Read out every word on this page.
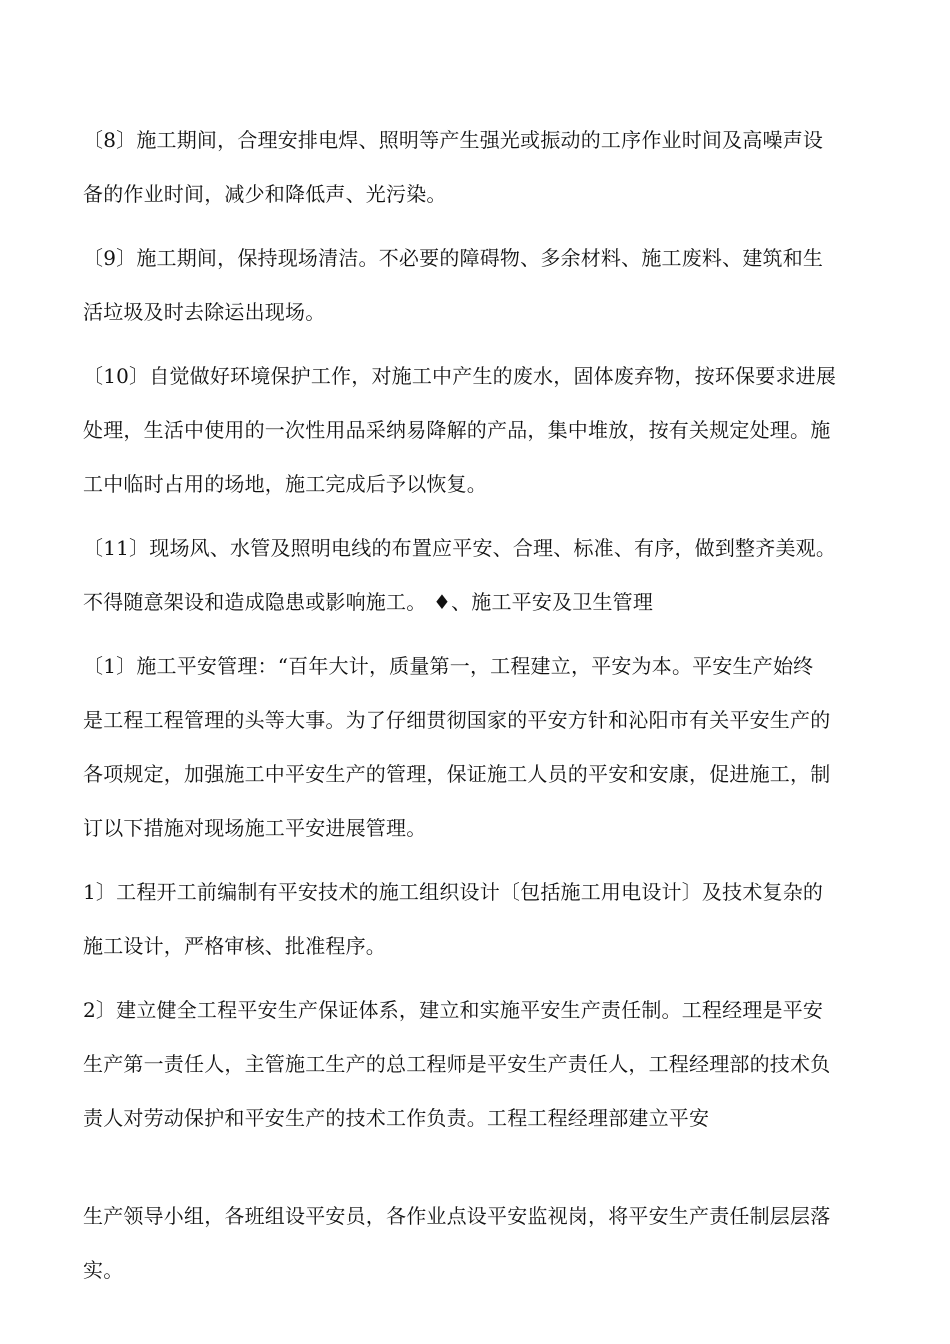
〔8〕施工期间，合理安排电焊、照明等产生强光或振动的工序作业时间及高噪声设
备的作业时间，减少和降低声、光污染。
〔9〕施工期间，保持现场清洁。不必要的障碍物、多余材料、施工废料、建筑和生
活垃圾及时去除运出现场。
〔10〕自觉做好环境保护工作，对施工中产生的废水，固体废弃物，按环保要求进展
处理，生活中使用的一次性用品采纳易降解的产品，集中堆放，按有关规定处理。施
工中临时占用的场地，施工完成后予以恢复。
〔11〕现场风、水管及照明电线的布置应平安、合理、标准、有序，做到整齐美观。
不得随意架设和造成隐患或影响施工。 ♦、施工平安及卫生管理
〔1〕施工平安管理：“百年大计，质量第一，工程建立，平安为本。平安生产始终
是工程工程管理的头等大事。为了仔细贯彻国家的平安方针和沁阳市有关平安生产的
各项规定，加强施工中平安生产的管理，保证施工人员的平安和安康，促进施工，制
订以下措施对现场施工平安进展管理。
1〕工程开工前编制有平安技术的施工组织设计〔包括施工用电设计〕及技术复杂的
施工设计，严格审核、批准程序。
2〕建立健全工程平安生产保证体系，建立和实施平安生产责任制。工程经理是平安
生产第一责任人，主管施工生产的总工程师是平安生产责任人，工程经理部的技术负
责人对劳动保护和平安生产的技术工作负责。工程工程经理部建立平安
生产领导小组，各班组设平安员，各作业点设平安监视岗，将平安生产责任制层层落
实。
